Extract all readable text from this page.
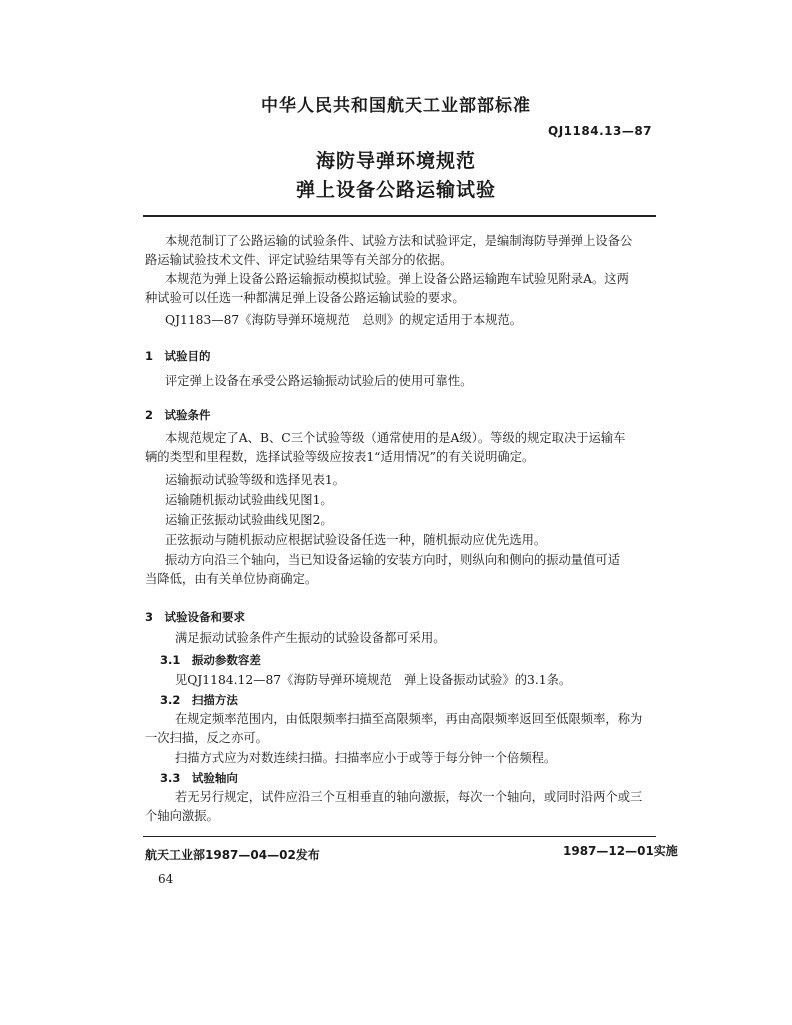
中华人民共和国航天工业部部标准
QJ1184.13—87
海防导弹环境规范
弹上设备公路运输试验
本规范制订了公路运输的试验条件、试验方法和试验评定，是编制海防导弹弹上设备公
路运输试验技术文件、评定试验结果等有关部分的依据。
本规范为弹上设备公路运输振动模拟试验。弹上设备公路运输跑车试验见附录A。这两
种试验可以任选一种都满足弹上设备公路运输试验的要求。
QJ1183—87《海防导弹环境规范　总则》的规定适用于本规范。
1　试验目的
评定弹上设备在承受公路运输振动试验后的使用可靠性。
2　试验条件
本规范规定了A、B、C三个试验等级（通常使用的是A级）。等级的规定取决于运输车
辆的类型和里程数，选择试验等级应按表1“适用情况”的有关说明确定。
运输振动试验等级和选择见表1。
运输随机振动试验曲线见图1。
运输正弦振动试验曲线见图2。
正弦振动与随机振动应根据试验设备任选一种，随机振动应优先选用。
振动方向沿三个轴向，当已知设备运输的安装方向时，则纵向和侧向的振动量值可适
当降低，由有关单位协商确定。
3　试验设备和要求
满足振动试验条件产生振动的试验设备都可采用。
3.1　振动参数容差
见QJ1184.12—87《海防导弹环境规范　弹上设备振动试验》的3.1条。
3.2　扫描方法
在规定频率范围内，由低限频率扫描至高限频率，再由高限频率返回至低限频率，称为
一次扫描，反之亦可。
扫描方式应为对数连续扫描。扫描率应小于或等于每分钟一个倍频程。
3.3　试验轴向
若无另行规定，试件应沿三个互相垂直的轴向激振，每次一个轴向，或同时沿两个或三
个轴向激振。
航天工业部1987—04—02发布	1987—12—01实施
64
